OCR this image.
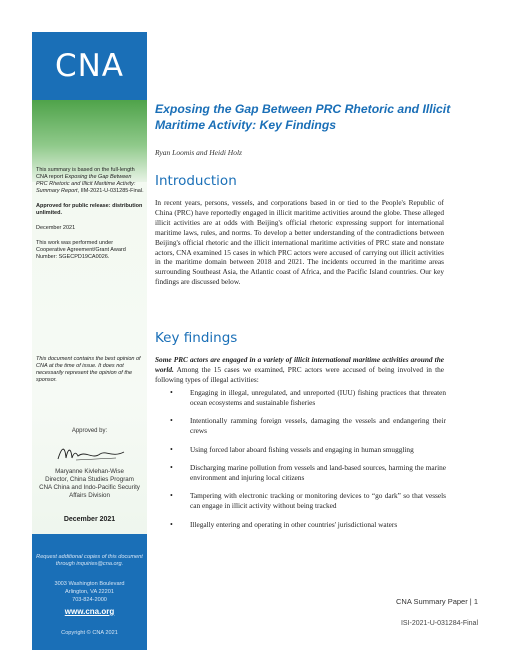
CNA

This summary is based on the full-length CNA report Exposing the Gap Between PRC Rhetoric and Illicit Maritime Activity: Summary Report, IIM-2021-U-031285-Final.

Approved for public release: distribution unlimited.

December 2021

This work was performed under Cooperative Agreement/Grant Award Number: SGECPD19CA0026.

This document contains the best opinion of CNA at the time of issue. It does not necessarily represent the opinion of the sponsor.
Approved by:
Maryanne Kivlehan-Wise
Director, China Studies Program
CNA China and Indo-Pacific Security
Affairs Division
December 2021
Request additional copies of this document through inquiries@cna.org.
3003 Washington Boulevard
Arlington, VA 22201
703-824-2000
www.cna.org
Copyright © CNA 2021
Exposing the Gap Between PRC Rhetoric and Illicit Maritime Activity: Key Findings
Ryan Loomis and Heidi Holz
Introduction
In recent years, persons, vessels, and corporations based in or tied to the People's Republic of China (PRC) have reportedly engaged in illicit maritime activities around the globe. These alleged illicit activities are at odds with Beijing's official rhetoric expressing support for international maritime laws, rules, and norms. To develop a better understanding of the contradictions between Beijing's official rhetoric and the illicit international maritime activities of PRC state and nonstate actors, CNA examined 15 cases in which PRC actors were accused of carrying out illicit activities in the maritime domain between 2018 and 2021. The incidents occurred in the maritime areas surrounding Southeast Asia, the Atlantic coast of Africa, and the Pacific Island countries. Our key findings are discussed below.
Key findings
Some PRC actors are engaged in a variety of illicit international maritime activities around the world. Among the 15 cases we examined, PRC actors were accused of being involved in the following types of illegal activities:
• Engaging in illegal, unregulated, and unreported (IUU) fishing practices that threaten ocean ecosystems and sustainable fisheries
• Intentionally ramming foreign vessels, damaging the vessels and endangering their crews
• Using forced labor aboard fishing vessels and engaging in human smuggling
• Discharging marine pollution from vessels and land-based sources, harming the marine environment and injuring local citizens
• Tampering with electronic tracking or monitoring devices to “go dark” so that vessels can engage in illicit activity without being tracked
• Illegally entering and operating in other countries' jurisdictional waters
CNA Summary Paper | 1
ISI-2021-U-031284-Final
